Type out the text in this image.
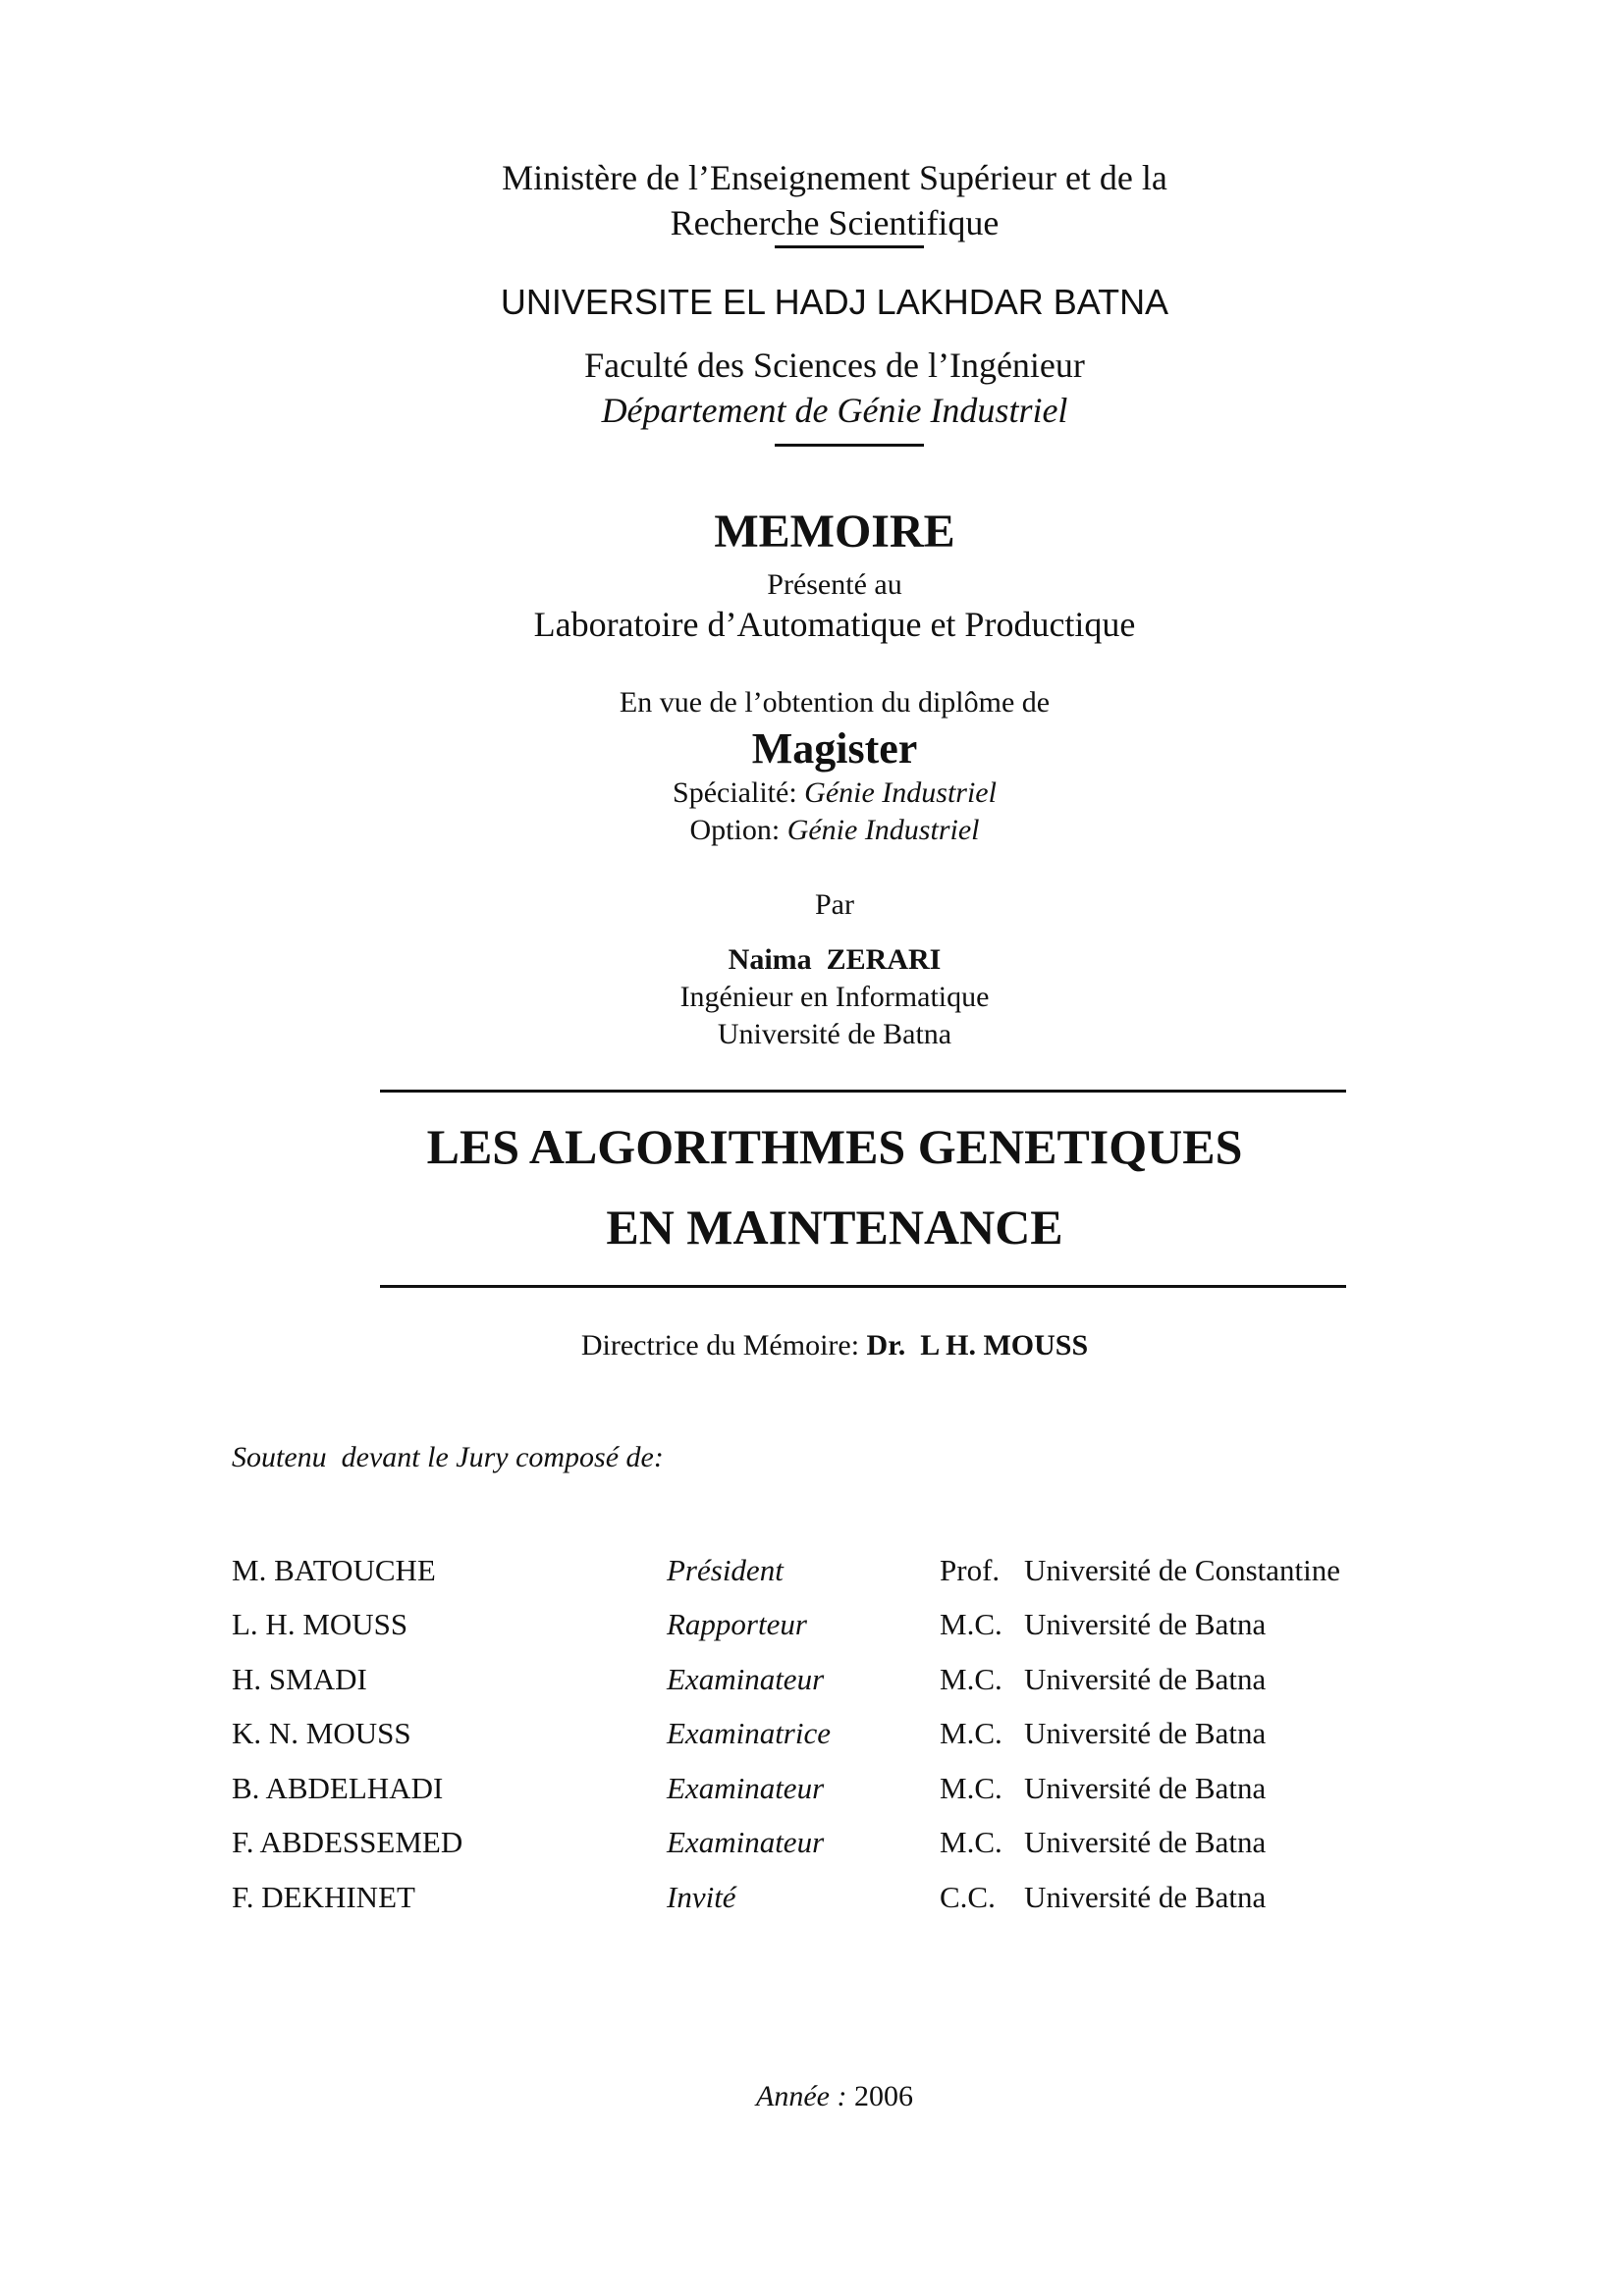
Ministère de l’Enseignement Supérieur et de la
Recherche Scientifique
UNIVERSITE EL HADJ LAKHDAR BATNA
Faculté des Sciences de l’Ingénieur
Département de Génie Industriel
MEMOIRE
Présenté au
Laboratoire d’Automatique et Productique
En vue de l’obtention du diplôme de
Magister
Spécialité: Génie Industriel
Option: Génie Industriel
Par
Naima  ZERARI
Ingénieur en Informatique
Université de Batna
LES ALGORITHMES GENETIQUES
EN MAINTENANCE
Directrice du Mémoire: Dr.  L H. MOUSS
Soutenu  devant le Jury composé de:
M. BATOUCHE	Président	Prof.	Université de Constantine
L. H. MOUSS	Rapporteur	M.C.	Université de Batna
H. SMADI	Examinateur	M.C.	Université de Batna
K. N. MOUSS	Examinatrice	M.C.	Université de Batna
B. ABDELHADI	Examinateur	M.C.	Université de Batna
F. ABDESSEMED	Examinateur	M.C.	Université de Batna
F. DEKHINET	Invité	C.C.	Université de Batna
Année : 2006
